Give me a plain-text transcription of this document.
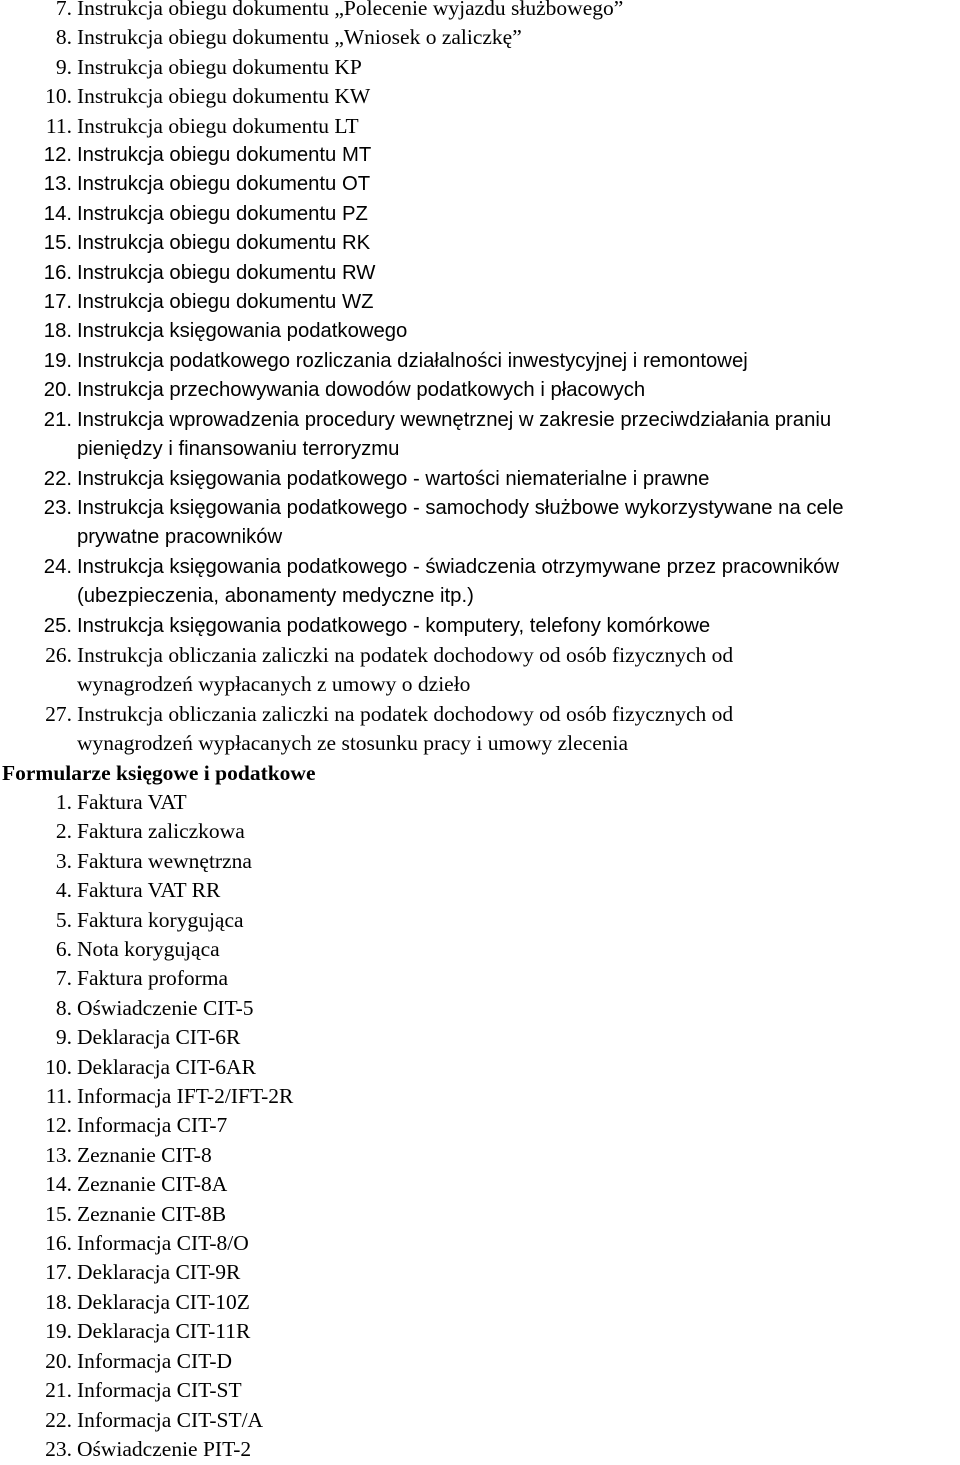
7. Instrukcja obiegu dokumentu „Polecenie wyjazdu służbowego”
8. Instrukcja obiegu dokumentu „Wniosek o zaliczkę”
9. Instrukcja obiegu dokumentu KP
10. Instrukcja obiegu dokumentu KW
11. Instrukcja obiegu dokumentu LT
12. Instrukcja obiegu dokumentu MT
13. Instrukcja obiegu dokumentu OT
14. Instrukcja obiegu dokumentu PZ
15. Instrukcja obiegu dokumentu RK
16. Instrukcja obiegu dokumentu RW
17. Instrukcja obiegu dokumentu WZ
18. Instrukcja księgowania podatkowego
19. Instrukcja podatkowego rozliczania działalności inwestycyjnej i remontowej
20. Instrukcja przechowywania dowodów podatkowych i płacowych
21. Instrukcja wprowadzenia procedury wewnętrznej w zakresie przeciwdziałania praniu
pieniędzy i finansowaniu terroryzmu
22. Instrukcja księgowania podatkowego - wartości niematerialne i prawne
23. Instrukcja księgowania podatkowego - samochody służbowe wykorzystywane na cele
prywatne pracowników
24. Instrukcja księgowania podatkowego - świadczenia otrzymywane przez pracowników
(ubezpieczenia, abonamenty medyczne itp.)
25. Instrukcja księgowania podatkowego - komputery, telefony komórkowe
26. Instrukcja obliczania zaliczki na podatek dochodowy od osób fizycznych od
wynagrodzeń wypłacanych z umowy o dzieło
27. Instrukcja obliczania zaliczki na podatek dochodowy od osób fizycznych od
wynagrodzeń wypłacanych ze stosunku pracy i umowy zlecenia
Formularze księgowe i podatkowe
1. Faktura VAT
2. Faktura zaliczkowa
3. Faktura wewnętrzna
4. Faktura VAT RR
5. Faktura korygująca
6. Nota korygująca
7. Faktura proforma
8. Oświadczenie CIT-5
9. Deklaracja CIT-6R
10. Deklaracja CIT-6AR
11. Informacja IFT-2/IFT-2R
12. Informacja CIT-7
13. Zeznanie CIT-8
14. Zeznanie CIT-8A
15. Zeznanie CIT-8B
16. Informacja CIT-8/O
17. Deklaracja CIT-9R
18. Deklaracja CIT-10Z
19. Deklaracja CIT-11R
20. Informacja CIT-D
21. Informacja CIT-ST
22. Informacja CIT-ST/A
23. Oświadczenie PIT-2
